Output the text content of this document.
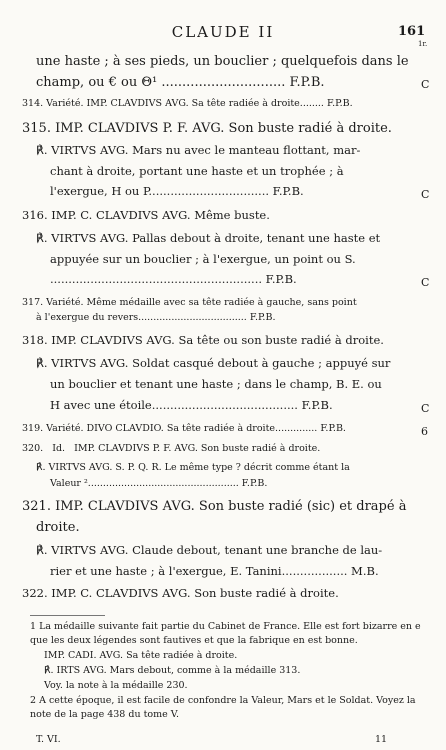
CLAUDE II	161
1r.
une haste ; à ses pieds, un bouclier ; quelquefois dans le
champ, ou € ou Θ¹ .............................. F.P.B.
314. Variété. IMP. CLAVDIVS AVG. Sa tête radiée à droite........ F.P.B.
315. IMP. CLAVDIVS P. F. AVG. Son buste radié à droite.
℟. VIRTVS AVG. Mars nu avec le manteau flottant, mar-
chant à droite, portant une haste et un trophée ; à
l'exergue, H ou P................................. F.P.B.
316. IMP. C. CLAVDIVS AVG. Même buste.
℟. VIRTVS AVG. Pallas debout à droite, tenant une haste et
appuyée sur un bouclier ; à l'exergue, un point ou S.
.......................................................... F.P.B.
317. Variété. Même médaille avec sa tête radiée à gauche, sans point
à l'exergue du revers.................................... F.P.B.
318. IMP. CLAVDIVS AVG. Sa tête ou son buste radié à droite.
℟. VIRTVS AVG. Soldat casqué debout à gauche ; appuyé sur
un bouclier et tenant une haste ; dans le champ, B. E. ou
H avec une étoile........................................ F.P.B.
319. Variété. DIVO CLAVDIO. Sa tête radiée à droite.............. F.P.B.
320.   Id.   IMP. CLAVDIVS P. F. AVG. Son buste radié à droite.
℟. VIRTVS AVG. S. P. Q. R. Le même type ? décrit comme étant la
Valeur ².................................................. F.P.B.
321. IMP. CLAVDIVS AVG. Son buste radié (sic) et drapé à
droite.
℟. VIRTVS AVG. Claude debout, tenant une branche de lau-
rier et une haste ; à l'exergue, E. Tanini.................. M.B.
322. IMP. C. CLAVDIVS AVG. Son buste radié à droite.
C
C
C
C
6
1 La médaille suivante fait partie du Cabinet de France. Elle est fort bizarre en e
que les deux légendes sont fautives et que la fabrique en est bonne.
IMP. CADI. AVG. Sa tête radiée à droite.
℟. IRTS AVG. Mars debout, comme à la médaille 313.
Voy. la note à la médaille 230.
2 A cette époque, il est facile de confondre la Valeur, Mars et le Soldat. Voyez la
note de la page 438 du tome V.
T. VI.	11
